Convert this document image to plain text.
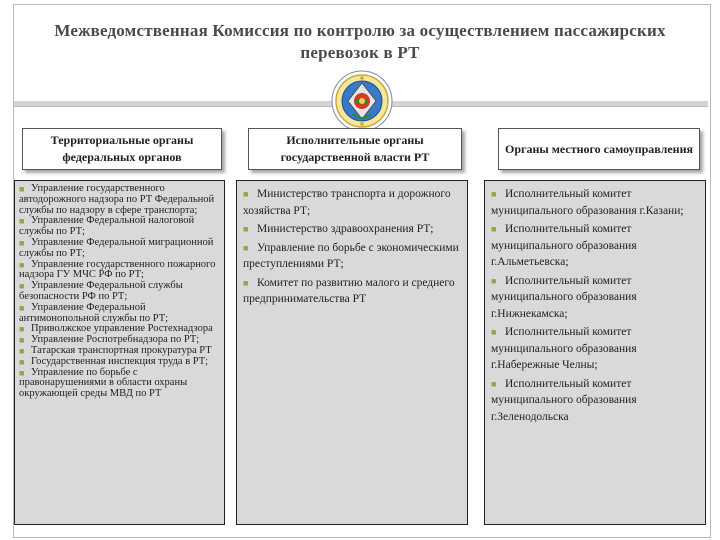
Межведомственная Комиссия по контролю за осуществлением пассажирских перевозок в РТ
Территориальные органы федеральных органов
Исполнительные органы государственной власти РТ
Органы местного самоуправления
■ Управление государственного автодорожного надзора по РТ Федеральной службы по надзору в сфере транспорта;
■ Управление Федеральной налоговой службы по РТ;
■ Управление Федеральной миграционной службы по РТ;
■ Управление государственного пожарного надзора ГУ МЧС РФ по РТ;
■ Управление Федеральной службы безопасности РФ по РТ;
■ Управление Федеральной антимонопольной службы по РТ;
■ Приволжское управление Ростехнадзора
■ Управление Роспотребнадзора по РТ;
■ Татарская транспортная прокуратура РТ
■ Государственная инспекция труда в РТ;
■ Управление по борьбе с правонарушениями в области охраны окружающей среды МВД по РТ
■ Министерство транспорта и дорожного хозяйства РТ;
■ Министерство здравоохранения РТ;
■ Управление по борьбе с экономическими преступлениями РТ;
■ Комитет по развитию малого и среднего предпринимательства РТ
■ Исполнительный комитет муниципального образования г.Казани;
■ Исполнительный комитет муниципального образования г.Альметьевска;
■ Исполнительный комитет муниципального образования г.Нижнекамска;
■ Исполнительный комитет муниципального образования г.Набережные Челны;
■ Исполнительный комитет муниципального образования г.Зеленодольска
